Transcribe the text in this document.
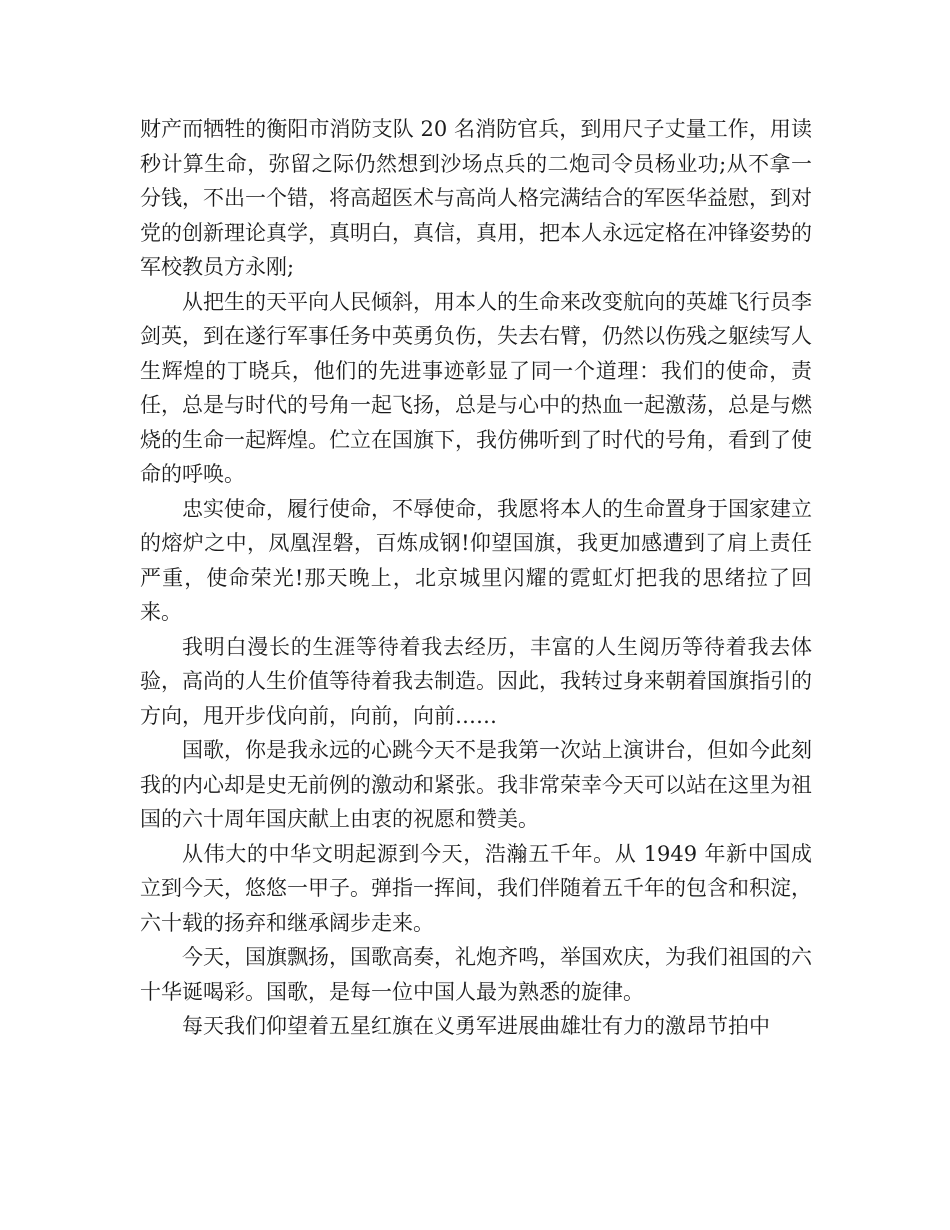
财产而牺牲的衡阳市消防支队 20 名消防官兵，到用尺子丈量工作，用读秒计算生命，弥留之际仍然想到沙场点兵的二炮司令员杨业功;从不拿一分钱，不出一个错，将高超医术与高尚人格完满结合的军医华益慰，到对党的创新理论真学，真明白，真信，真用，把本人永远定格在冲锋姿势的军校教员方永刚;

从把生的天平向人民倾斜，用本人的生命来改变航向的英雄飞行员李剑英，到在遂行军事任务中英勇负伤，失去右臂，仍然以伤残之躯续写人生辉煌的丁晓兵，他们的先进事迹彰显了同一个道理：我们的使命，责任，总是与时代的号角一起飞扬，总是与心中的热血一起激荡，总是与燃烧的生命一起辉煌。伫立在国旗下，我仿佛听到了时代的号角，看到了使命的呼唤。

忠实使命，履行使命，不辱使命，我愿将本人的生命置身于国家建立的熔炉之中，凤凰涅磐，百炼成钢!仰望国旗，我更加感遭到了肩上责任严重，使命荣光!那天晚上，北京城里闪耀的霓虹灯把我的思绪拉了回来。

我明白漫长的生涯等待着我去经历，丰富的人生阅历等待着我去体验，高尚的人生价值等待着我去制造。因此，我转过身来朝着国旗指引的方向，甩开步伐向前，向前，向前……

国歌，你是我永远的心跳今天不是我第一次站上演讲台，但如今此刻我的内心却是史无前例的激动和紧张。我非常荣幸今天可以站在这里为祖国的六十周年国庆献上由衷的祝愿和赞美。

从伟大的中华文明起源到今天，浩瀚五千年。从 1949 年新中国成立到今天，悠悠一甲子。弹指一挥间，我们伴随着五千年的包含和积淀，六十载的扬弃和继承阔步走来。

今天，国旗飘扬，国歌高奏，礼炮齐鸣，举国欢庆，为我们祖国的六十华诞喝彩。国歌，是每一位中国人最为熟悉的旋律。

每天我们仰望着五星红旗在义勇军进展曲雄壮有力的激昂节拍中
